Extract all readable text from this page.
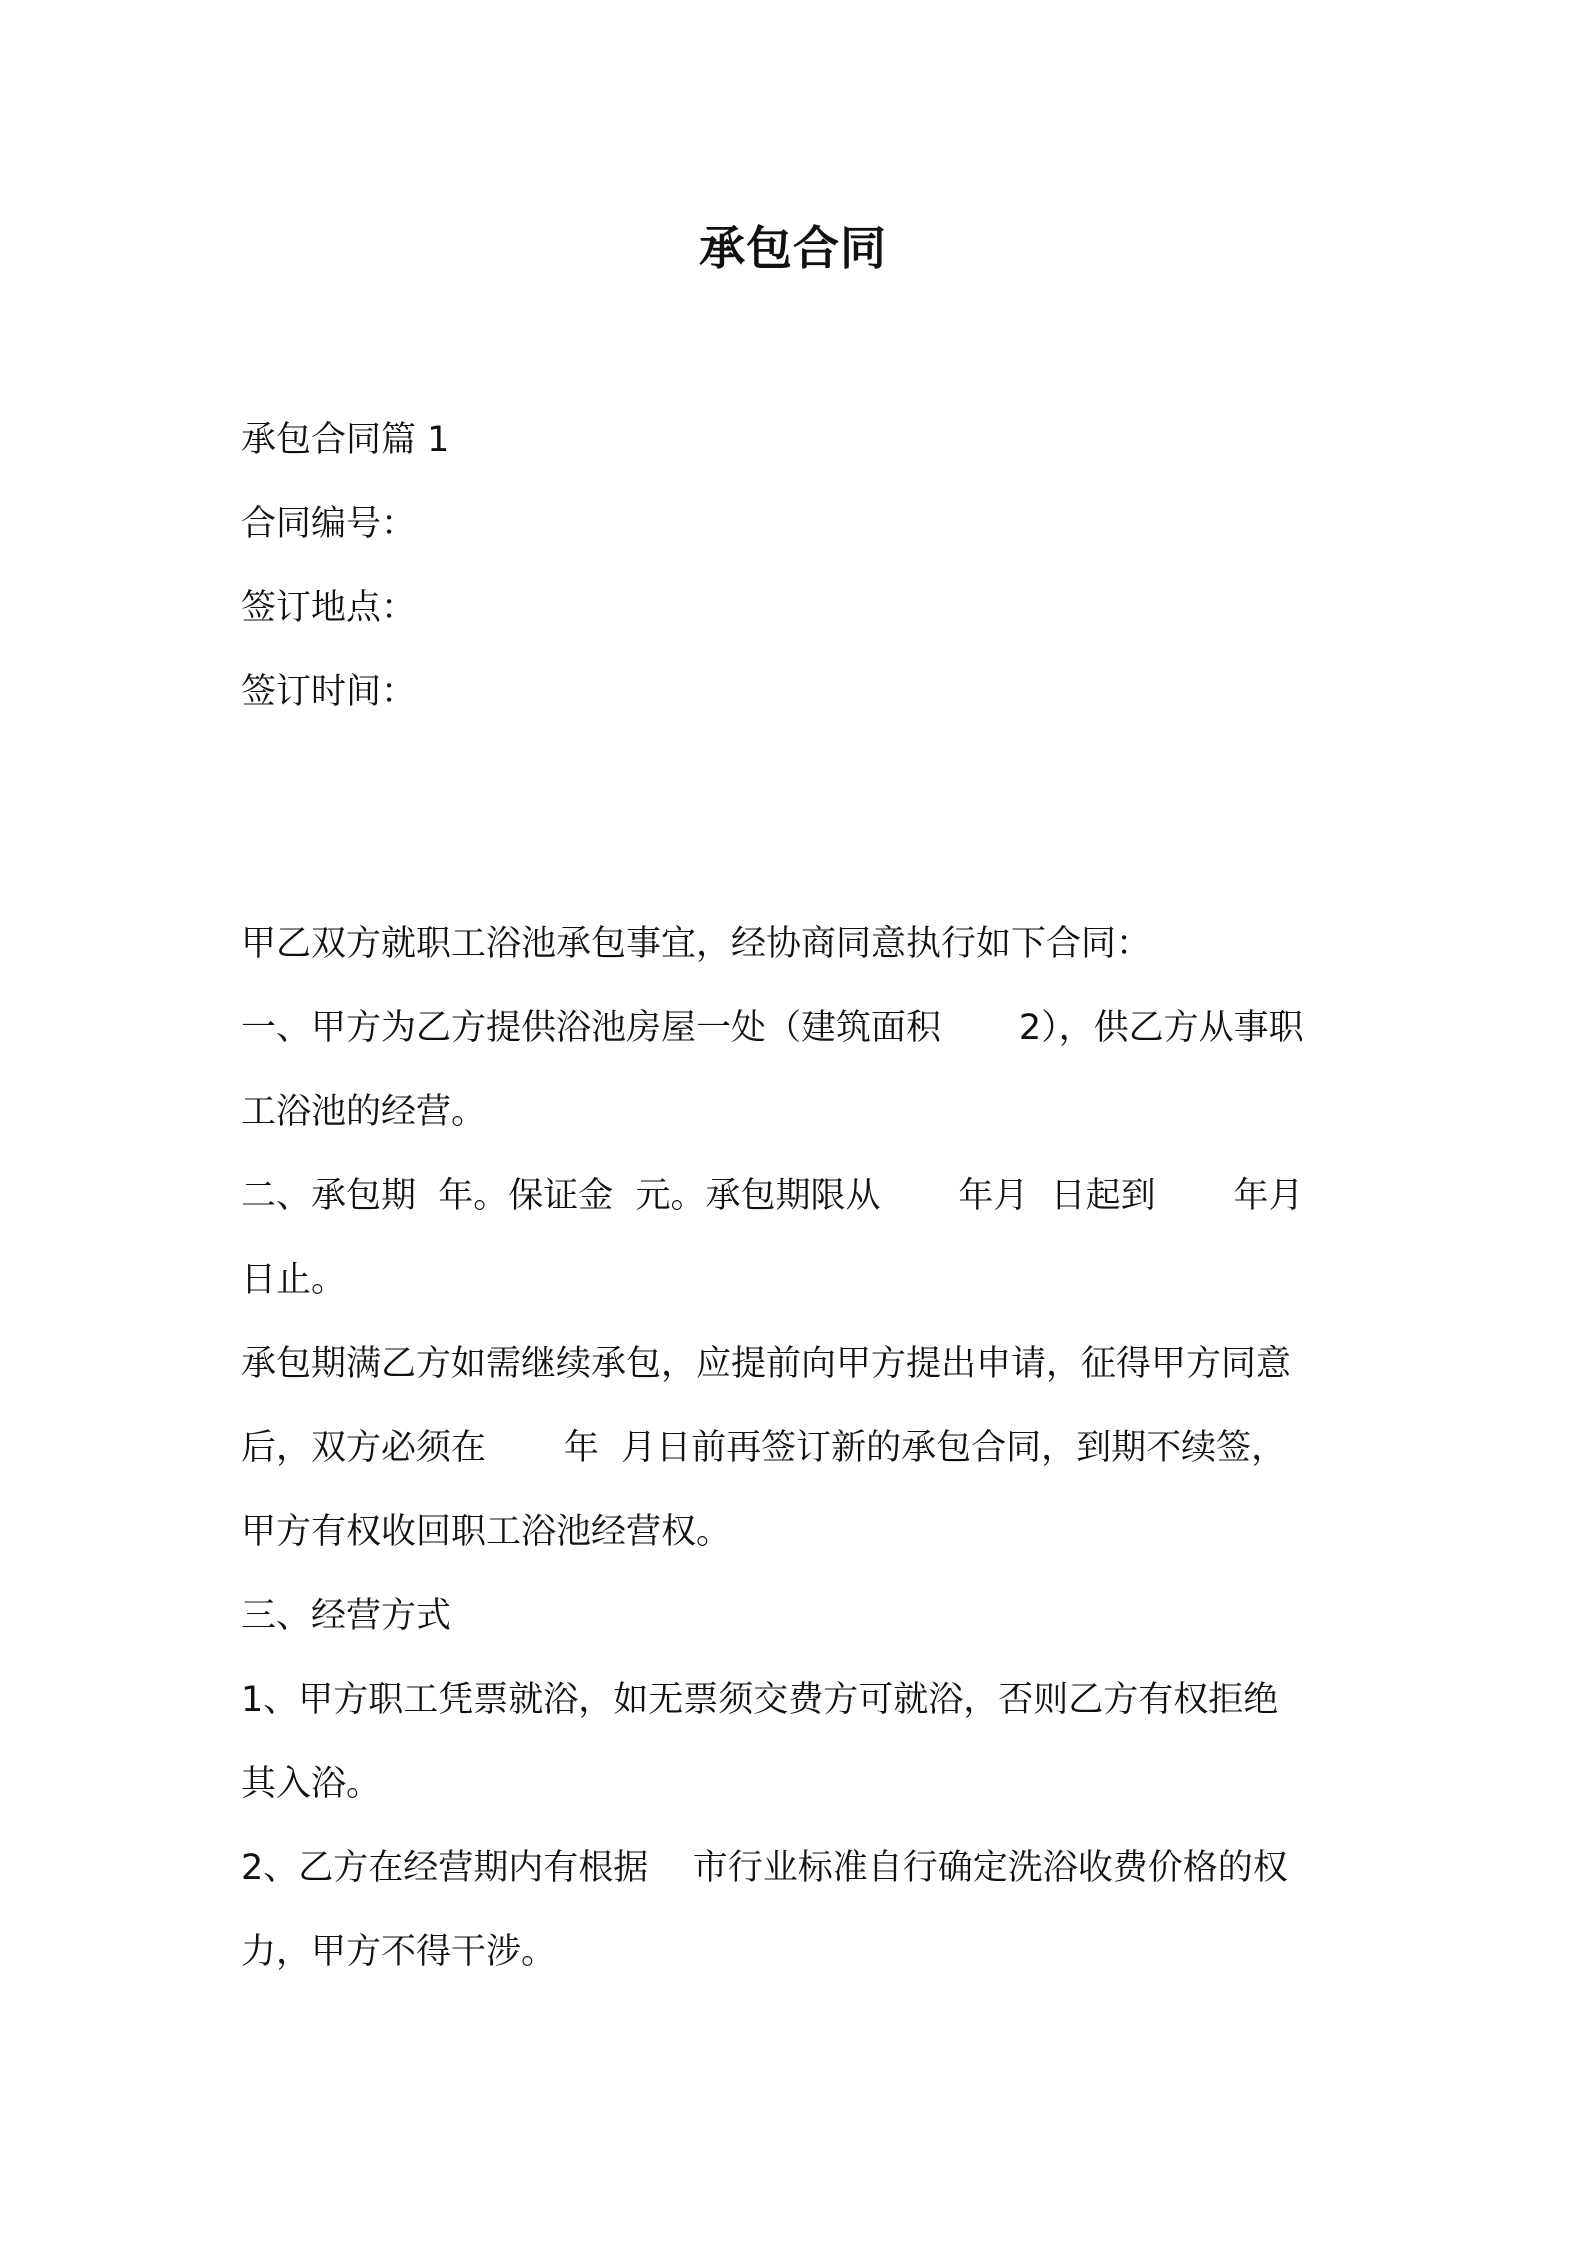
承包合同
承包合同篇 1
合同编号：
签订地点：
签订时间：

甲乙双方就职工浴池承包事宜，经协商同意执行如下合同：
一、甲方为乙方提供浴池房屋一处（建筑面积       2），供乙方从事职
工浴池的经营。
二、承包期  年。保证金  元。承包期限从       年月  日起到       年月
日止。
承包期满乙方如需继续承包，应提前向甲方提出申请，征得甲方同意
后，双方必须在       年  月日前再签订新的承包合同，到期不续签，
甲方有权收回职工浴池经营权。
三、经营方式
1、甲方职工凭票就浴，如无票须交费方可就浴，否则乙方有权拒绝
其入浴。
2、乙方在经营期内有根据    市行业标准自行确定洗浴收费价格的权
力，甲方不得干涉。
